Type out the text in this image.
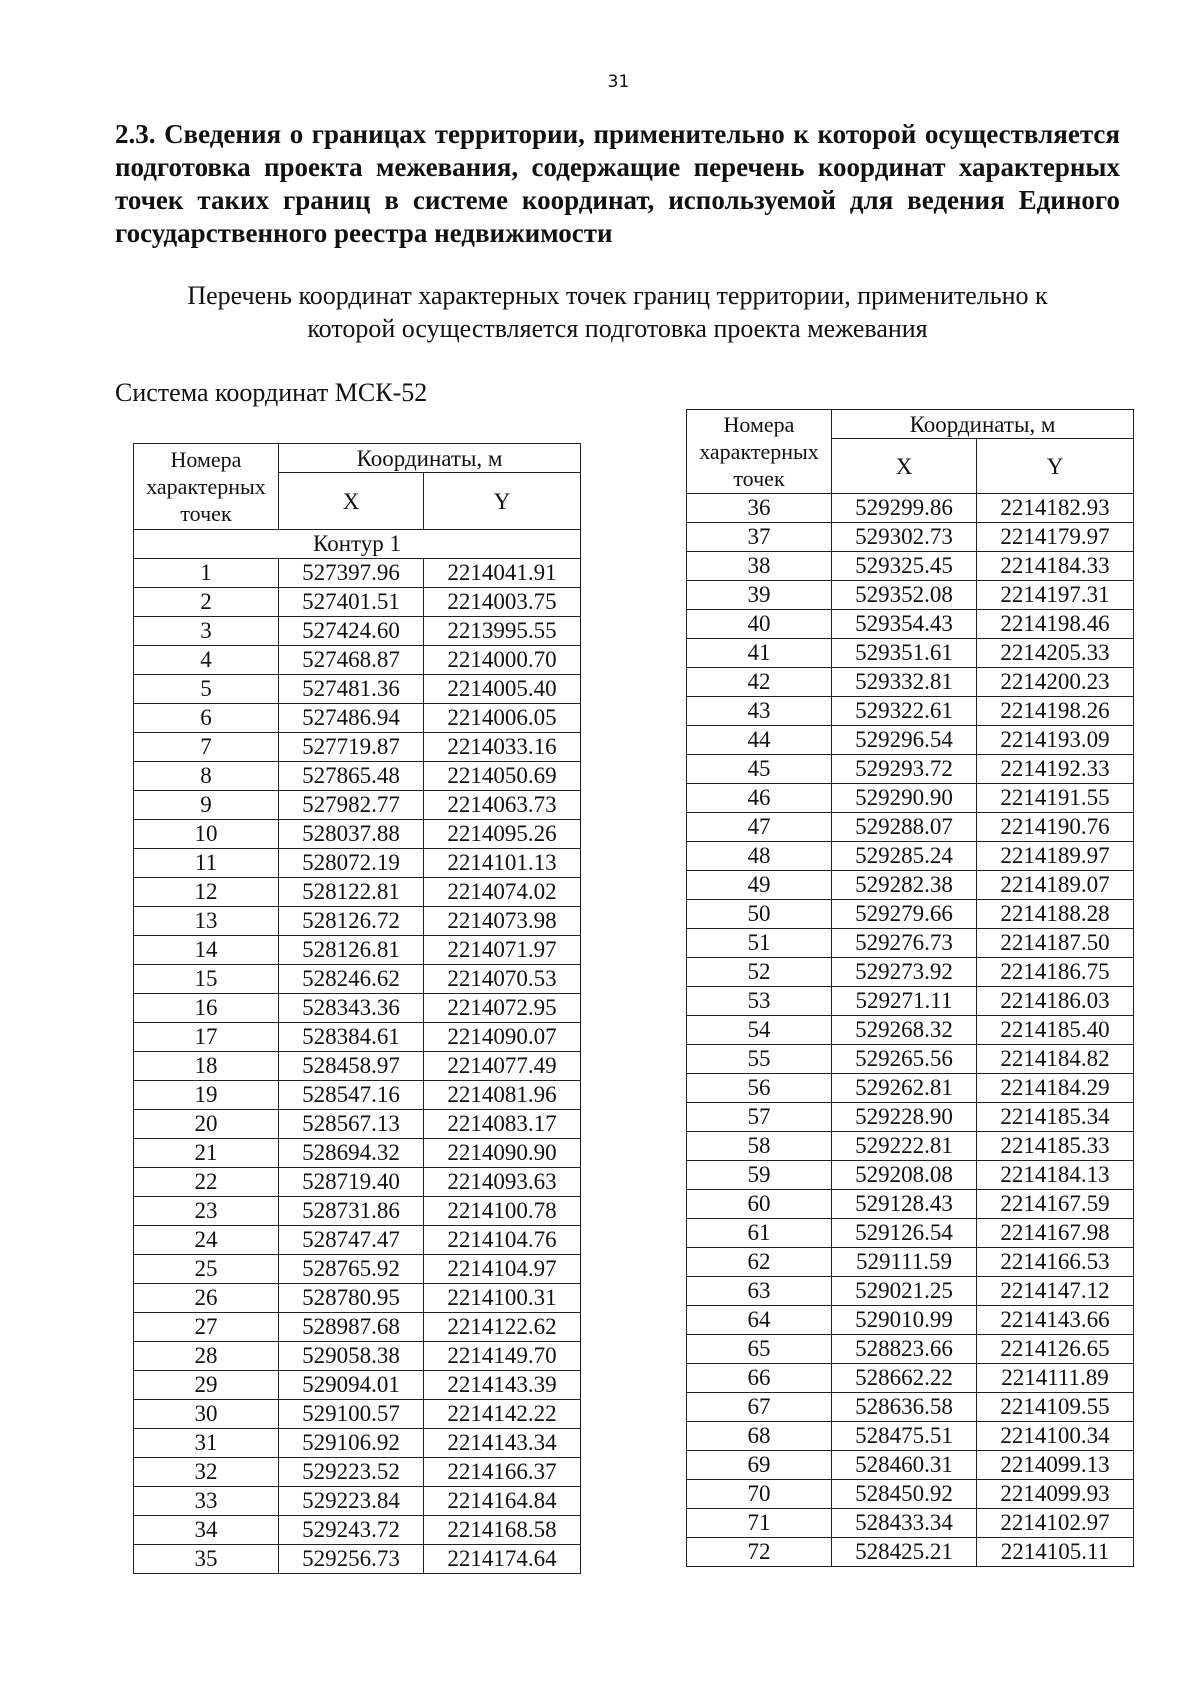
31
2.3. Сведения о границах территории, применительно к которой осуществляется подготовка проекта межевания, содержащие перечень координат характерных точек таких границ в системе координат, используемой для ведения Единого государственного реестра недвижимости
Перечень координат характерных точек границ территории, применительно к
которой осуществляется подготовка проекта межевания
Система координат МСК-52
Номера
характерных
точек	Координаты, м	
	X	Y
Контур 1		
1	527397.96	2214041.91
2	527401.51	2214003.75
3	527424.60	2213995.55
4	527468.87	2214000.70
5	527481.36	2214005.40
6	527486.94	2214006.05
7	527719.87	2214033.16
8	527865.48	2214050.69
9	527982.77	2214063.73
10	528037.88	2214095.26
11	528072.19	2214101.13
12	528122.81	2214074.02
13	528126.72	2214073.98
14	528126.81	2214071.97
15	528246.62	2214070.53
16	528343.36	2214072.95
17	528384.61	2214090.07
18	528458.97	2214077.49
19	528547.16	2214081.96
20	528567.13	2214083.17
21	528694.32	2214090.90
22	528719.40	2214093.63
23	528731.86	2214100.78
24	528747.47	2214104.76
25	528765.92	2214104.97
26	528780.95	2214100.31
27	528987.68	2214122.62
28	529058.38	2214149.70
29	529094.01	2214143.39
30	529100.57	2214142.22
31	529106.92	2214143.34
32	529223.52	2214166.37
33	529223.84	2214164.84
34	529243.72	2214168.58
35	529256.73	2214174.64
Номера
характерных
точек	Координаты, м	
	X	Y
36	529299.86	2214182.93
37	529302.73	2214179.97
38	529325.45	2214184.33
39	529352.08	2214197.31
40	529354.43	2214198.46
41	529351.61	2214205.33
42	529332.81	2214200.23
43	529322.61	2214198.26
44	529296.54	2214193.09
45	529293.72	2214192.33
46	529290.90	2214191.55
47	529288.07	2214190.76
48	529285.24	2214189.97
49	529282.38	2214189.07
50	529279.66	2214188.28
51	529276.73	2214187.50
52	529273.92	2214186.75
53	529271.11	2214186.03
54	529268.32	2214185.40
55	529265.56	2214184.82
56	529262.81	2214184.29
57	529228.90	2214185.34
58	529222.81	2214185.33
59	529208.08	2214184.13
60	529128.43	2214167.59
61	529126.54	2214167.98
62	529111.59	2214166.53
63	529021.25	2214147.12
64	529010.99	2214143.66
65	528823.66	2214126.65
66	528662.22	2214111.89
67	528636.58	2214109.55
68	528475.51	2214100.34
69	528460.31	2214099.13
70	528450.92	2214099.93
71	528433.34	2214102.97
72	528425.21	2214105.11
